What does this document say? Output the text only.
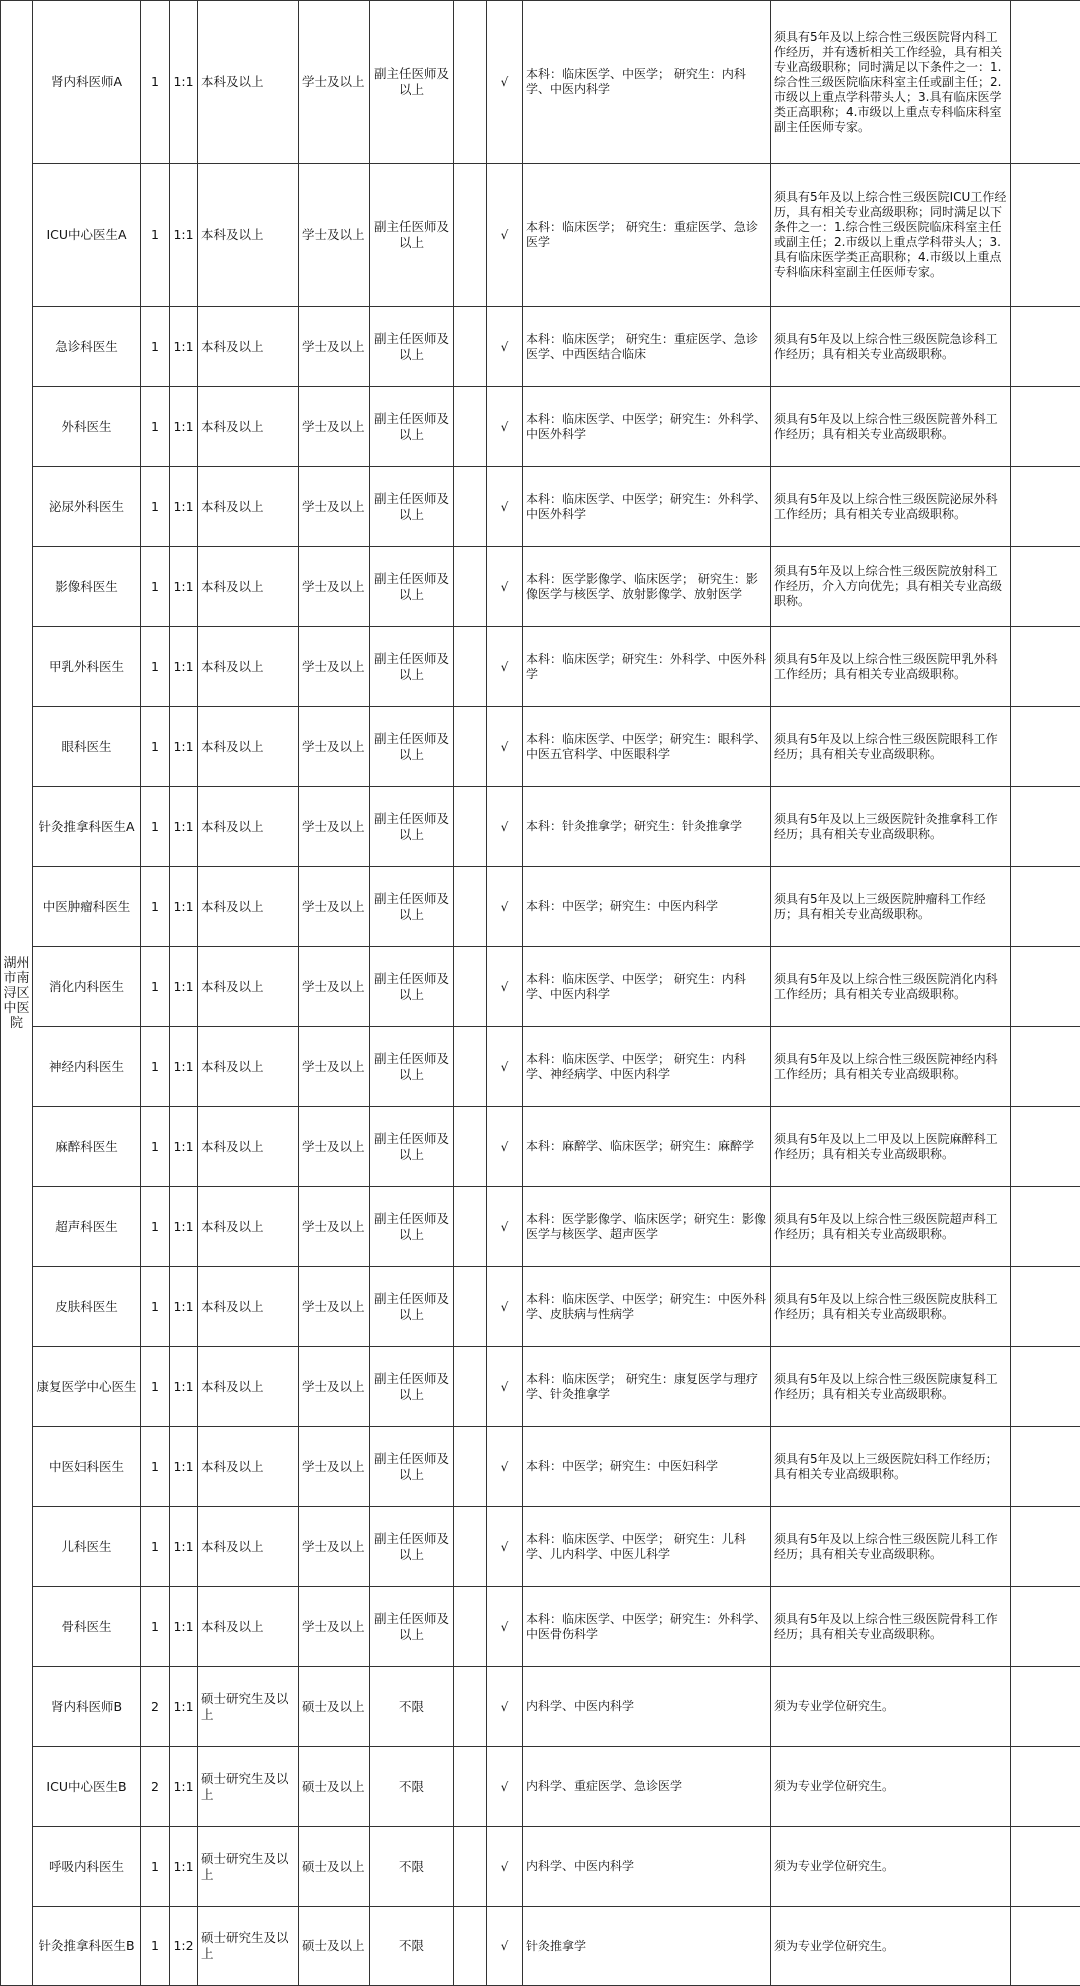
湖州市南浔区中医院	肾内科医师A	1	1:1	本科及以上	学士及以上	副主任医师及以上		√	本科：临床医学、中医学； 研究生：内科学、中医内科学	须具有5年及以上综合性三级医院肾内科工作经历，并有透析相关工作经验，具有相关专业高级职称；同时满足以下条件之一：1.综合性三级医院临床科室主任或副主任；2.市级以上重点学科带头人；3.具有临床医学类正高职称；4.市级以上重点专科临床科室副主任医师专家。	
	ICU中心医生A	1	1:1	本科及以上	学士及以上	副主任医师及以上		√	本科：临床医学； 研究生：重症医学、急诊医学	须具有5年及以上综合性三级医院ICU工作经历，具有相关专业高级职称；同时满足以下条件之一：1.综合性三级医院临床科室主任或副主任；2.市级以上重点学科带头人；3.具有临床医学类正高职称；4.市级以上重点专科临床科室副主任医师专家。	
	急诊科医生	1	1:1	本科及以上	学士及以上	副主任医师及以上		√	本科：临床医学； 研究生：重症医学、急诊医学、中西医结合临床	须具有5年及以上综合性三级医院急诊科工作经历；具有相关专业高级职称。	
	外科医生	1	1:1	本科及以上	学士及以上	副主任医师及以上		√	本科：临床医学、中医学；研究生：外科学、中医外科学	须具有5年及以上综合性三级医院普外科工作经历；具有相关专业高级职称。	
	泌尿外科医生	1	1:1	本科及以上	学士及以上	副主任医师及以上		√	本科：临床医学、中医学；研究生：外科学、中医外科学	须具有5年及以上综合性三级医院泌尿外科工作经历；具有相关专业高级职称。	
	影像科医生	1	1:1	本科及以上	学士及以上	副主任医师及以上		√	本科：医学影像学、临床医学； 研究生：影像医学与核医学、放射影像学、放射医学	须具有5年及以上综合性三级医院放射科工作经历，介入方向优先；具有相关专业高级职称。	
	甲乳外科医生	1	1:1	本科及以上	学士及以上	副主任医师及以上		√	本科：临床医学；研究生：外科学、中医外科学	须具有5年及以上综合性三级医院甲乳外科工作经历；具有相关专业高级职称。	
	眼科医生	1	1:1	本科及以上	学士及以上	副主任医师及以上		√	本科：临床医学、中医学；研究生：眼科学、中医五官科学、中医眼科学	须具有5年及以上综合性三级医院眼科工作经历；具有相关专业高级职称。	
	针灸推拿科医生A	1	1:1	本科及以上	学士及以上	副主任医师及以上		√	本科：针灸推拿学；研究生：针灸推拿学	须具有5年及以上三级医院针灸推拿科工作经历；具有相关专业高级职称。	
	中医肿瘤科医生	1	1:1	本科及以上	学士及以上	副主任医师及以上		√	本科：中医学；研究生：中医内科学	须具有5年及以上三级医院肿瘤科工作经历；具有相关专业高级职称。	
	消化内科医生	1	1:1	本科及以上	学士及以上	副主任医师及以上		√	本科：临床医学、中医学； 研究生：内科学、中医内科学	须具有5年及以上综合性三级医院消化内科工作经历；具有相关专业高级职称。	
	神经内科医生	1	1:1	本科及以上	学士及以上	副主任医师及以上		√	本科：临床医学、中医学； 研究生：内科学、神经病学、中医内科学	须具有5年及以上综合性三级医院神经内科工作经历；具有相关专业高级职称。	
	麻醉科医生	1	1:1	本科及以上	学士及以上	副主任医师及以上		√	本科：麻醉学、临床医学；研究生：麻醉学	须具有5年及以上二甲及以上医院麻醉科工作经历；具有相关专业高级职称。	
	超声科医生	1	1:1	本科及以上	学士及以上	副主任医师及以上		√	本科：医学影像学、临床医学；研究生：影像医学与核医学、超声医学	须具有5年及以上综合性三级医院超声科工作经历；具有相关专业高级职称。	
	皮肤科医生	1	1:1	本科及以上	学士及以上	副主任医师及以上		√	本科：临床医学、中医学；研究生：中医外科学、皮肤病与性病学	须具有5年及以上综合性三级医院皮肤科工作经历；具有相关专业高级职称。	
	康复医学中心医生	1	1:1	本科及以上	学士及以上	副主任医师及以上		√	本科：临床医学； 研究生：康复医学与理疗学、针灸推拿学	须具有5年及以上综合性三级医院康复科工作经历；具有相关专业高级职称。	
	中医妇科医生	1	1:1	本科及以上	学士及以上	副主任医师及以上		√	本科：中医学；研究生：中医妇科学	须具有5年及以上三级医院妇科工作经历；具有相关专业高级职称。	
	儿科医生	1	1:1	本科及以上	学士及以上	副主任医师及以上		√	本科：临床医学、中医学； 研究生：儿科学、儿内科学、中医儿科学	须具有5年及以上综合性三级医院儿科工作经历；具有相关专业高级职称。	
	骨科医生	1	1:1	本科及以上	学士及以上	副主任医师及以上		√	本科：临床医学、中医学；研究生：外科学、中医骨伤科学	须具有5年及以上综合性三级医院骨科工作经历；具有相关专业高级职称。	
	肾内科医师B	2	1:1	硕士研究生及以上	硕士及以上	不限		√	内科学、中医内科学	须为专业学位研究生。	
	ICU中心医生B	2	1:1	硕士研究生及以上	硕士及以上	不限		√	内科学、重症医学、急诊医学	须为专业学位研究生。	
	呼吸内科医生	1	1:1	硕士研究生及以上	硕士及以上	不限		√	内科学、中医内科学	须为专业学位研究生。	
	针灸推拿科医生B	1	1:2	硕士研究生及以上	硕士及以上	不限		√	针灸推拿学	须为专业学位研究生。	
